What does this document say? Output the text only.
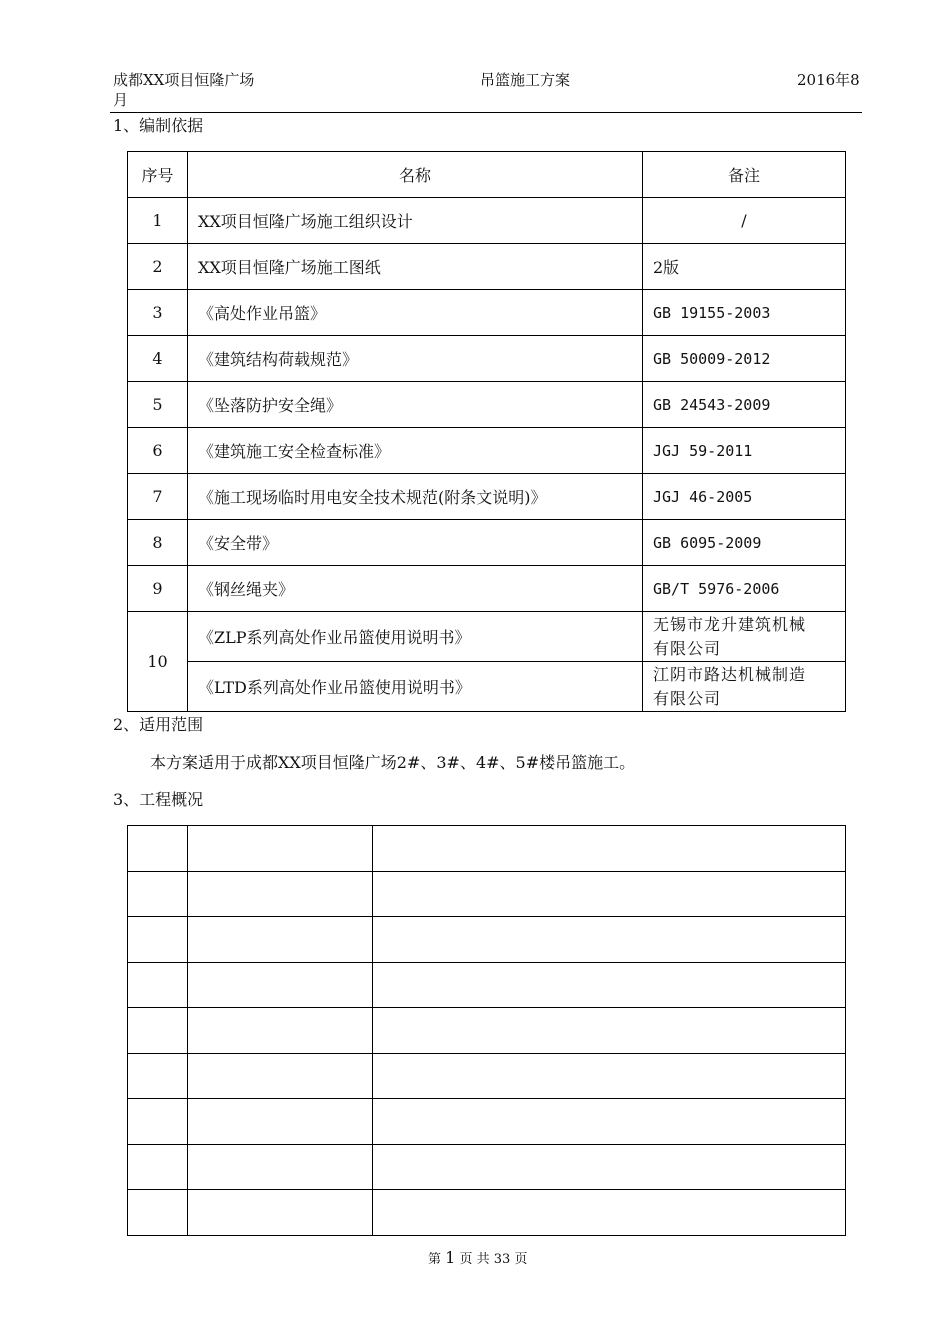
成都XX项目恒隆广场
月
吊篮施工方案	2016年8
1、编制依据
序号	名称	备注
1	XX项目恒隆广场施工组织设计	/
2	XX项目恒隆广场施工图纸	2版
3	《高处作业吊篮》	GB 19155-2003
4	《建筑结构荷载规范》	GB 50009-2012
5	《坠落防护安全绳》	GB 24543-2009
6	《建筑施工安全检查标准》	JGJ 59-2011
7	《施工现场临时用电安全技术规范(附条文说明)》	JGJ 46-2005
8	《安全带》	GB 6095-2009
9	《钢丝绳夹》	GB/T 5976-2006
10	《ZLP系列高处作业吊篮使用说明书》	无锡市龙升建筑机械
有限公司

	《LTD系列高处作业吊篮使用说明书》	江阴市路达机械制造
有限公司
2、适用范围
本方案适用于成都XX项目恒隆广场2#、3#、4#、5#楼吊篮施工。
3、工程概况

第 1 页 共 33 页
